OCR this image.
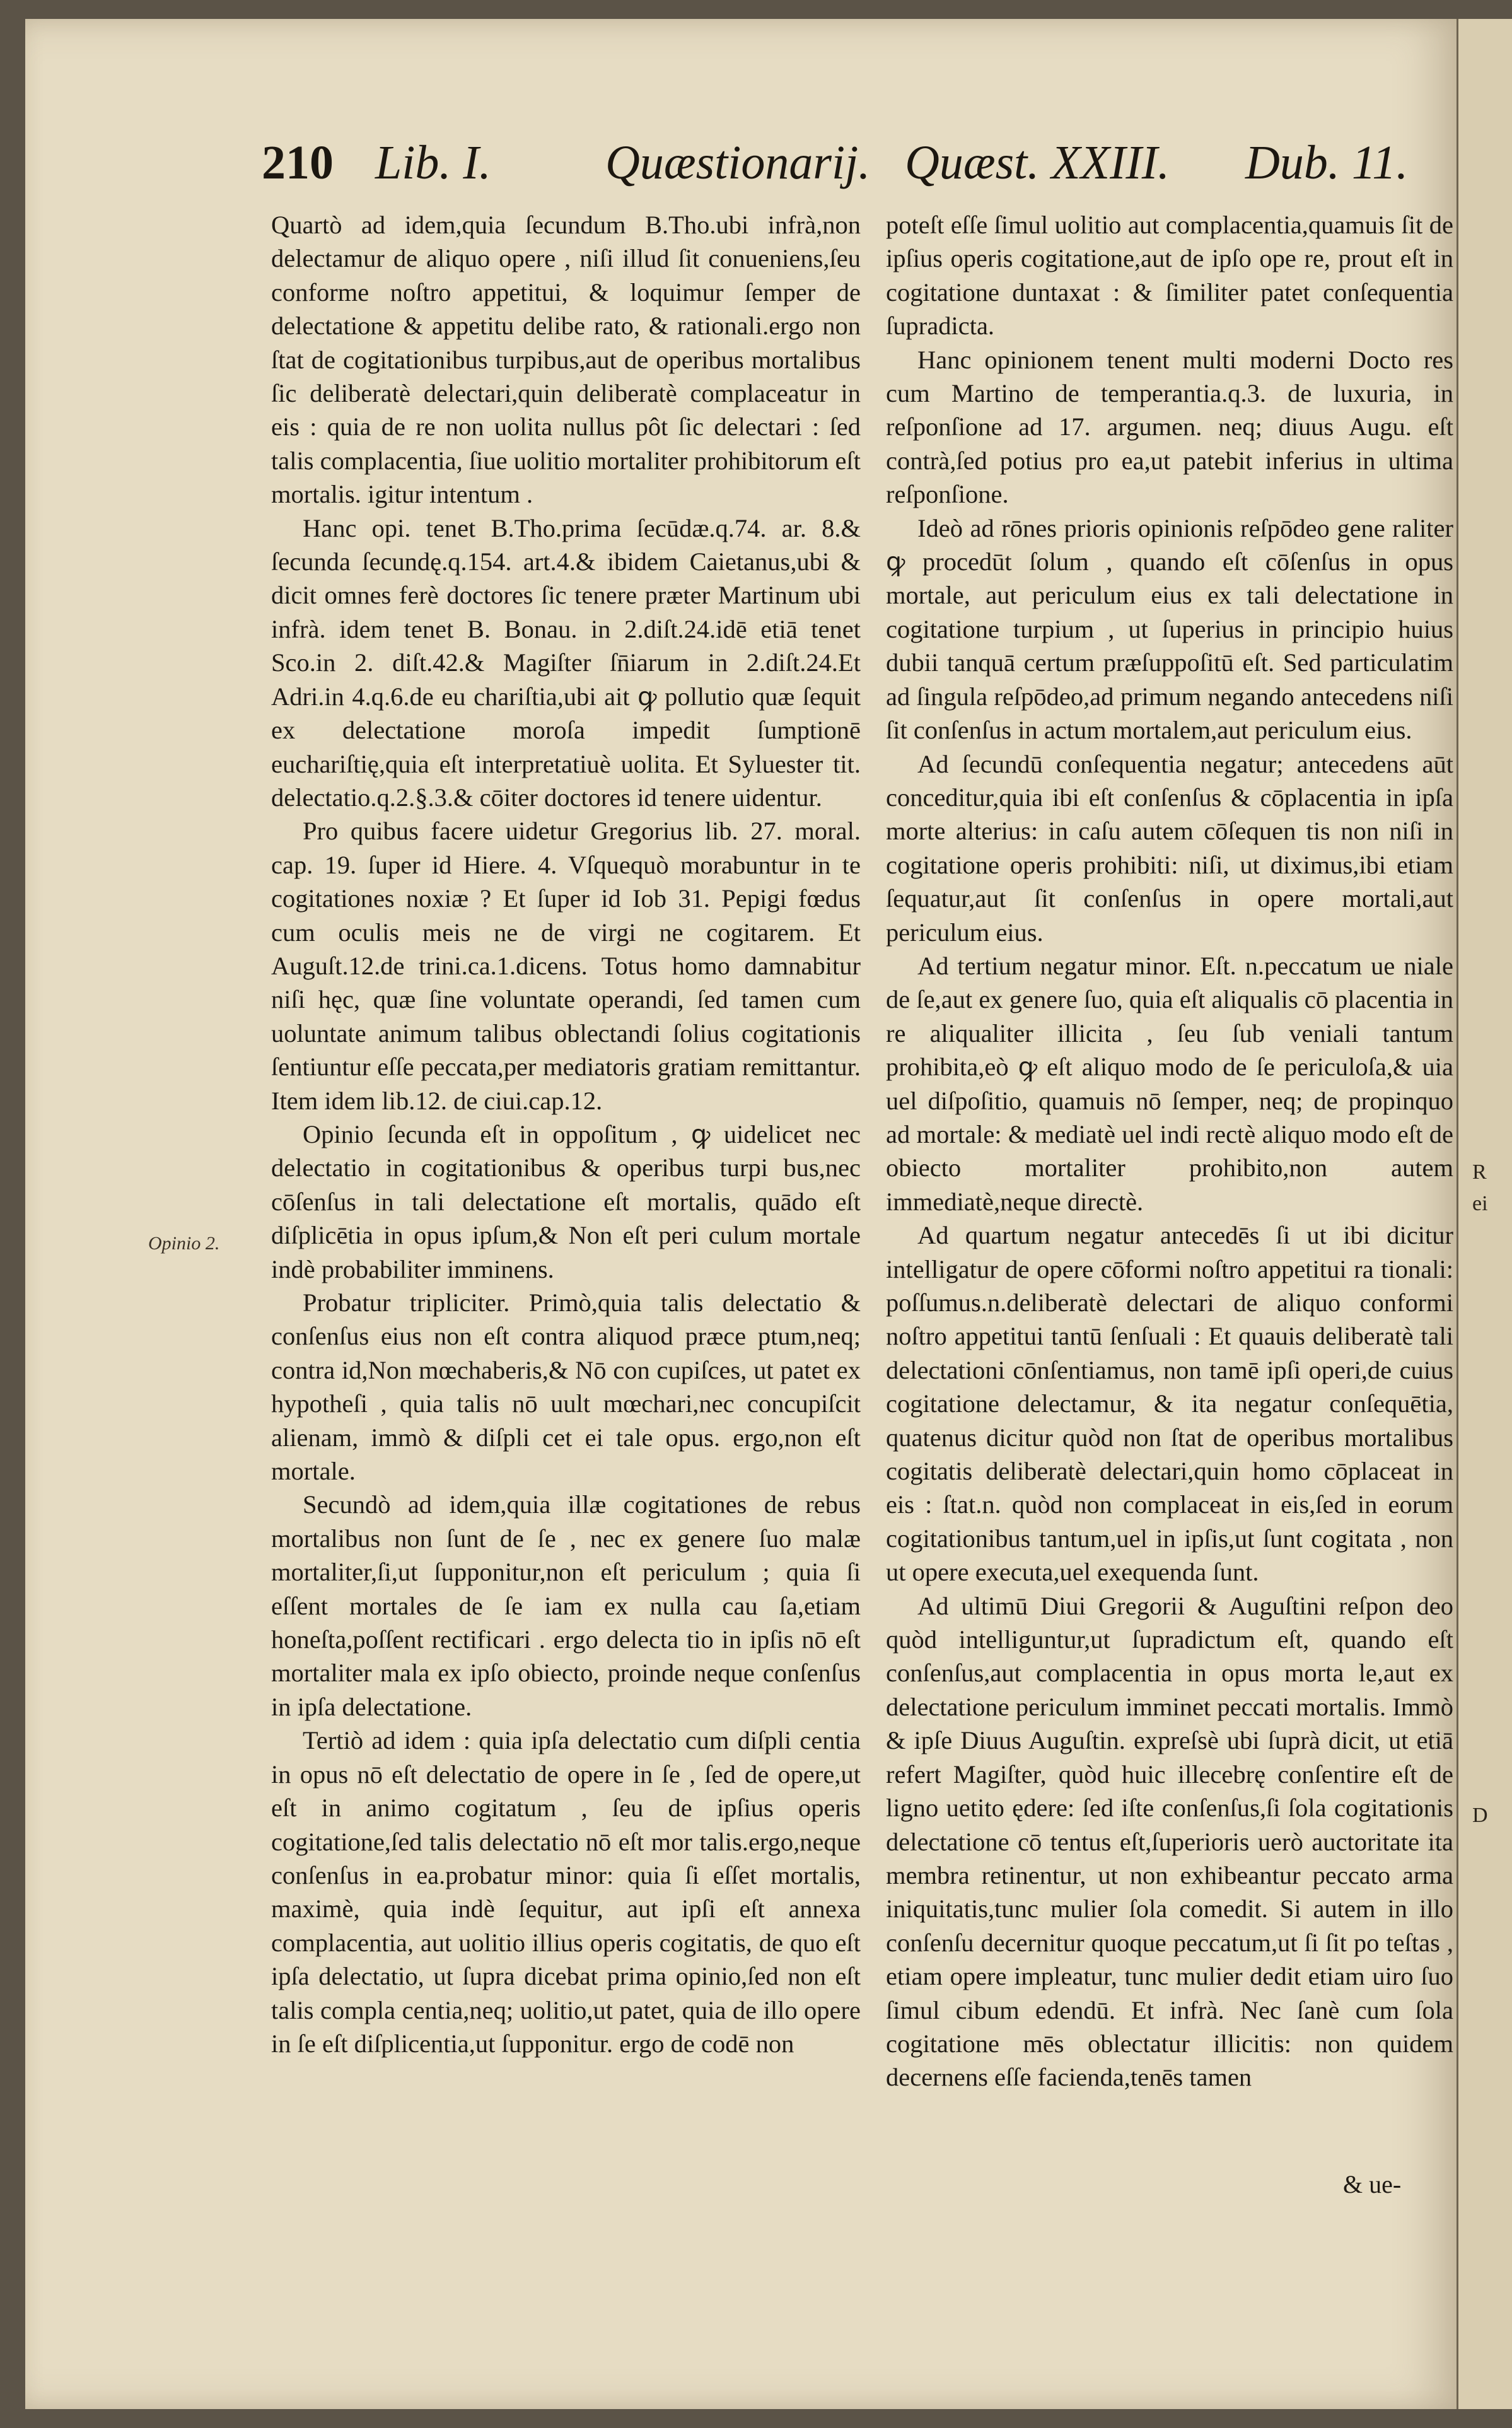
210 Lib. I. Quæstionarij. Quæst. XXIII. Dub. 11.
Opinio 2.

Quartò ad idem,quia ſecundum B.Tho.ubi infrà,non delectamur de aliquo opere , niſi illud ſit conueniens,ſeu conforme noſtro appetitui, & loquimur ſemper de delectatione & appetitu delibe rato, & rationali.ergo non ſtat de cogitationibus turpibus,aut de operibus mortalibus ſic deliberatè delectari,quin deliberatè complaceatur in eis : quia de re non uolita nullus pôt ſic delectari : ſed talis complacentia, ſiue uolitio mortaliter prohibitorum eſt mortalis. igitur intentum .

Hanc opi. tenet B.Tho.prima ſecūdæ.q.74. ar. 8.& ſecunda ſecundę.q.154. art.4.& ibidem Caietanus,ubi & dicit omnes ferè doctores ſic tenere præter Martinum ubi infrà. idem tenet B. Bonau. in 2.diſt.24.idē etiā tenet Sco.in 2. diſt.42.& Magiſter ſn̄iarum in 2.diſt.24.Et Adri.in 4.q.6.de eu chariſtia,ubi ait ꝙ pollutio quæ ſequit ex delectatione moroſa impedit ſumptionē euchariſtię,quia eſt interpretatiuè uolita. Et Syluester tit. delectatio.q.2.§.3.& cōiter doctores id tenere uidentur.

Pro quibus facere uidetur Gregorius lib. 27. moral. cap. 19. ſuper id Hiere. 4. Vſquequò morabuntur in te cogitationes noxiæ ? Et ſuper id Iob 31. Pepigi fœdus cum oculis meis ne de virgi ne cogitarem. Et Auguſt.12.de trini.ca.1.dicens. Totus homo damnabitur niſi hęc, quæ ſine voluntate operandi, ſed tamen cum uoluntate animum talibus oblectandi ſolius cogitationis ſentiuntur eſſe peccata,per mediatoris gratiam remittantur. Item idem lib.12. de ciui.cap.12.

Opinio ſecunda eſt in oppoſitum , ꝙ uidelicet nec delectatio in cogitationibus & operibus turpi bus,nec cōſenſus in tali delectatione eſt mortalis, quādo eſt diſplicētia in opus ipſum,& Non eſt peri culum mortale indè probabiliter imminens.

Probatur tripliciter. Primò,quia talis delectatio & conſenſus eius non eſt contra aliquod præce ptum,neq; contra id,Non mœchaberis,& Nō con cupiſces, ut patet ex hypotheſi , quia talis nō uult mœchari,nec concupiſcit alienam, immò & diſpli cet ei tale opus. ergo,non eſt mortale.

Secundò ad idem,quia illæ cogitationes de rebus mortalibus non ſunt de ſe , nec ex genere ſuo malæ mortaliter,ſi,ut ſupponitur,non eſt periculum ; quia ſi eſſent mortales de ſe iam ex nulla cau ſa,etiam honeſta,poſſent rectificari . ergo delecta tio in ipſis nō eſt mortaliter mala ex ipſo obiecto, proinde neque conſenſus in ipſa delectatione.

Tertiò ad idem : quia ipſa delectatio cum diſpli centia in opus nō eſt delectatio de opere in ſe , ſed de opere,ut eſt in animo cogitatum , ſeu de ipſius operis cogitatione,ſed talis delectatio nō eſt mor talis.ergo,neque conſenſus in ea.probatur minor: quia ſi eſſet mortalis, maximè, quia indè ſequitur, aut ipſi eſt annexa complacentia, aut uolitio illius operis cogitatis, de quo eſt ipſa delectatio, ut ſupra dicebat prima opinio,ſed non eſt talis compla centia,neq; uolitio,ut patet, quia de illo opere in ſe eſt diſplicentia,ut ſupponitur. ergo de codē non

poteſt eſſe ſimul uolitio aut complacentia,quamuis ſit de ipſius operis cogitatione,aut de ipſo ope re, prout eſt in cogitatione duntaxat : & ſimiliter patet conſequentia ſupradicta.

Hanc opinionem tenent multi moderni Docto res cum Martino de temperantia.q.3. de luxuria, in reſponſione ad 17. argumen. neq; diuus Augu. eſt contrà,ſed potius pro ea,ut patebit inferius in ultima reſponſione.

Ideò ad rōnes prioris opinionis reſpōdeo gene raliter ꝙ procedūt ſolum , quando eſt cōſenſus in opus mortale, aut periculum eius ex tali delectatione in cogitatione turpium , ut ſuperius in principio huius dubii tanquā certum præſuppoſitū eſt. Sed particulatim ad ſingula reſpōdeo,ad primum negando antecedens niſi ſit conſenſus in actum mortalem,aut periculum eius.

Ad ſecundū conſequentia negatur; antecedens aūt conceditur,quia ibi eſt conſenſus & cōplacentia in ipſa morte alterius: in caſu autem cōſequen tis non niſi in cogitatione operis prohibiti: niſi, ut diximus,ibi etiam ſequatur,aut ſit conſenſus in opere mortali,aut periculum eius.

Ad tertium negatur minor. Eſt. n.peccatum ue niale de ſe,aut ex genere ſuo, quia eſt aliqualis cō placentia in re aliqualiter illicita , ſeu ſub veniali tantum prohibita,eò ꝙ eſt aliquo modo de ſe periculoſa,& uia uel diſpoſitio, quamuis nō ſemper, neq; de propinquo ad mortale: & mediatè uel indi rectè aliquo modo eſt de obiecto mortaliter prohibito,non autem immediatè,neque directè.

Ad quartum negatur antecedēs ſi ut ibi dicitur intelligatur de opere cōformi noſtro appetitui ra tionali: poſſumus.n.deliberatè delectari de aliquo conformi noſtro appetitui tantū ſenſuali : Et quauis deliberatè tali delectationi cōnſentiamus, non tamē ipſi operi,de cuius cogitatione delectamur, & ita negatur conſequētia, quatenus dicitur quòd non ſtat de operibus mortalibus cogitatis deliberatè delectari,quin homo cōplaceat in eis : ſtat.n. quòd non complaceat in eis,ſed in eorum cogitationibus tantum,uel in ipſis,ut ſunt cogitata , non ut opere executa,uel exequenda ſunt.

Ad ultimū Diui Gregorii & Auguſtini reſpon deo quòd intelliguntur,ut ſupradictum eſt, quando eſt conſenſus,aut complacentia in opus morta le,aut ex delectatione periculum imminet peccati mortalis. Immò & ipſe Diuus Auguſtin. expreſsè ubi ſuprà dicit, ut etiā refert Magiſter, quòd huic illecebrę conſentire eſt de ligno uetito ędere: ſed iſte conſenſus,ſi ſola cogitationis delectatione cō tentus eſt,ſuperioris uerò auctoritate ita membra retinentur, ut non exhibeantur peccato arma iniquitatis,tunc mulier ſola comedit. Si autem in illo conſenſu decernitur quoque peccatum,ut ſi ſit po teſtas , etiam opere impleatur, tunc mulier dedit etiam uiro ſuo ſimul cibum edendū. Et infrà. Nec ſanè cum ſola cogitatione mēs oblectatur illicitis: non quidem decernens eſſe facienda,tenēs tamen

& ue-
R
ei
D
